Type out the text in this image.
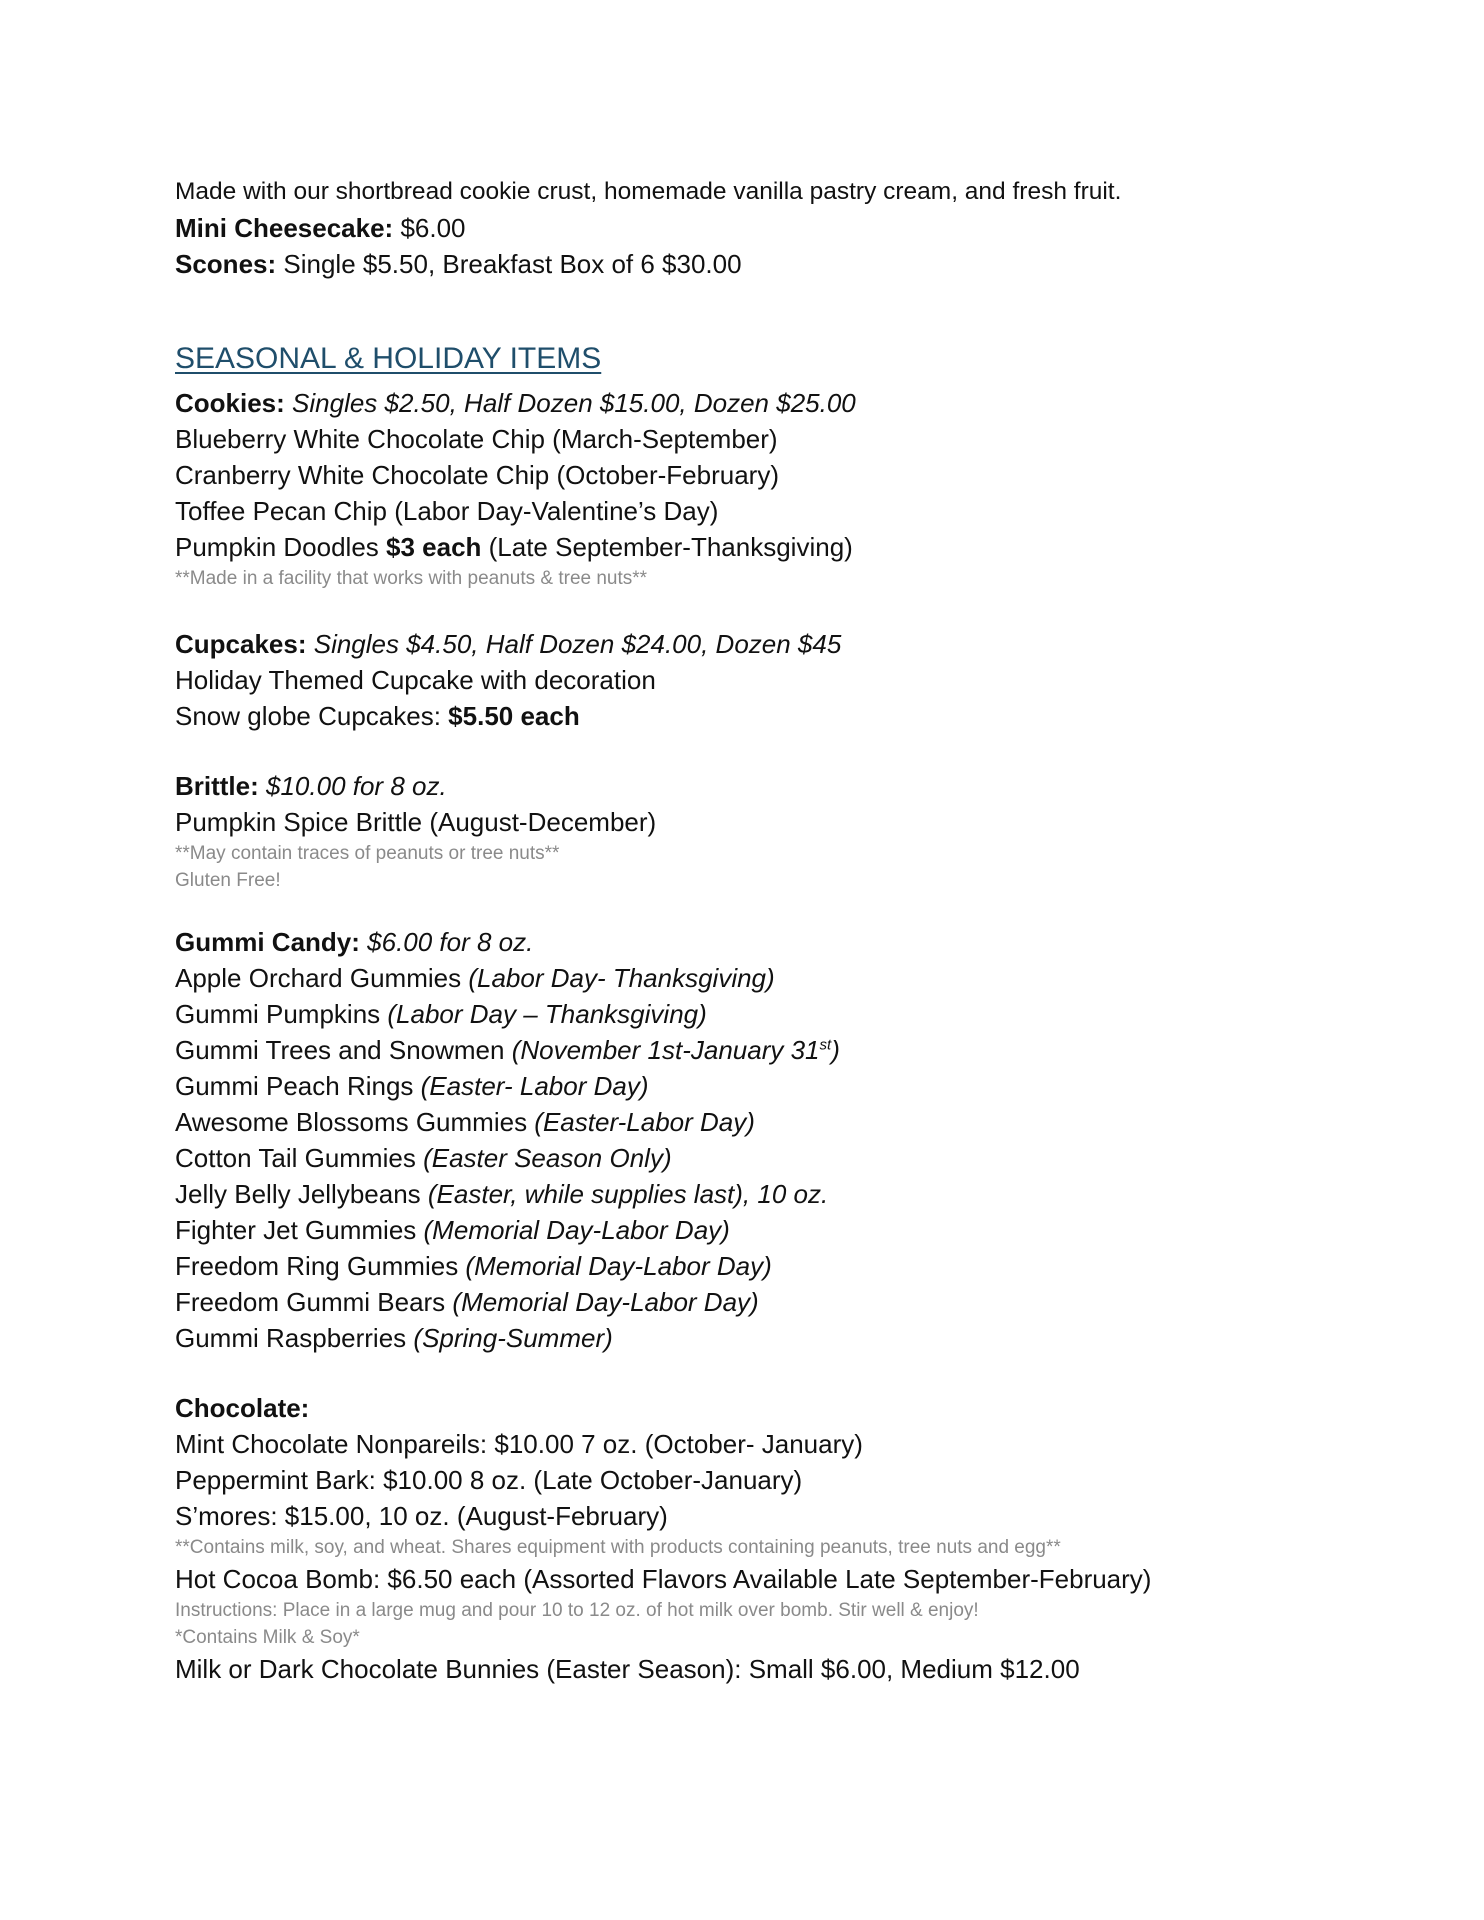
Made with our shortbread cookie crust, homemade vanilla pastry cream, and fresh fruit.
Mini Cheesecake: $6.00
Scones: Single $5.50, Breakfast Box of 6 $30.00
SEASONAL & HOLIDAY ITEMS
Cookies: Singles $2.50, Half Dozen $15.00, Dozen $25.00
Blueberry White Chocolate Chip (March-September)
Cranberry White Chocolate Chip (October-February)
Toffee Pecan Chip (Labor Day-Valentine’s Day)
Pumpkin Doodles $3 each (Late September-Thanksgiving)
**Made in a facility that works with peanuts & tree nuts**
Cupcakes: Singles $4.50, Half Dozen $24.00, Dozen $45
Holiday Themed Cupcake with decoration
Snow globe Cupcakes: $5.50 each
Brittle: $10.00 for 8 oz.
Pumpkin Spice Brittle (August-December)
**May contain traces of peanuts or tree nuts**
Gluten Free!
Gummi Candy: $6.00 for 8 oz.
Apple Orchard Gummies (Labor Day- Thanksgiving)
Gummi Pumpkins (Labor Day – Thanksgiving)
Gummi Trees and Snowmen (November 1st-January 31st)
Gummi Peach Rings (Easter- Labor Day)
Awesome Blossoms Gummies (Easter-Labor Day)
Cotton Tail Gummies (Easter Season Only)
Jelly Belly Jellybeans (Easter, while supplies last), 10 oz.
Fighter Jet Gummies (Memorial Day-Labor Day)
Freedom Ring Gummies (Memorial Day-Labor Day)
Freedom Gummi Bears (Memorial Day-Labor Day)
Gummi Raspberries (Spring-Summer)
Chocolate:
Mint Chocolate Nonpareils: $10.00 7 oz. (October- January)
Peppermint Bark: $10.00 8 oz. (Late October-January)
S’mores: $15.00, 10 oz. (August-February)
**Contains milk, soy, and wheat. Shares equipment with products containing peanuts, tree nuts and egg**
Hot Cocoa Bomb: $6.50 each (Assorted Flavors Available Late September-February)
Instructions: Place in a large mug and pour 10 to 12 oz. of hot milk over bomb. Stir well & enjoy!
*Contains Milk & Soy*
Milk or Dark Chocolate Bunnies (Easter Season): Small $6.00, Medium $12.00
